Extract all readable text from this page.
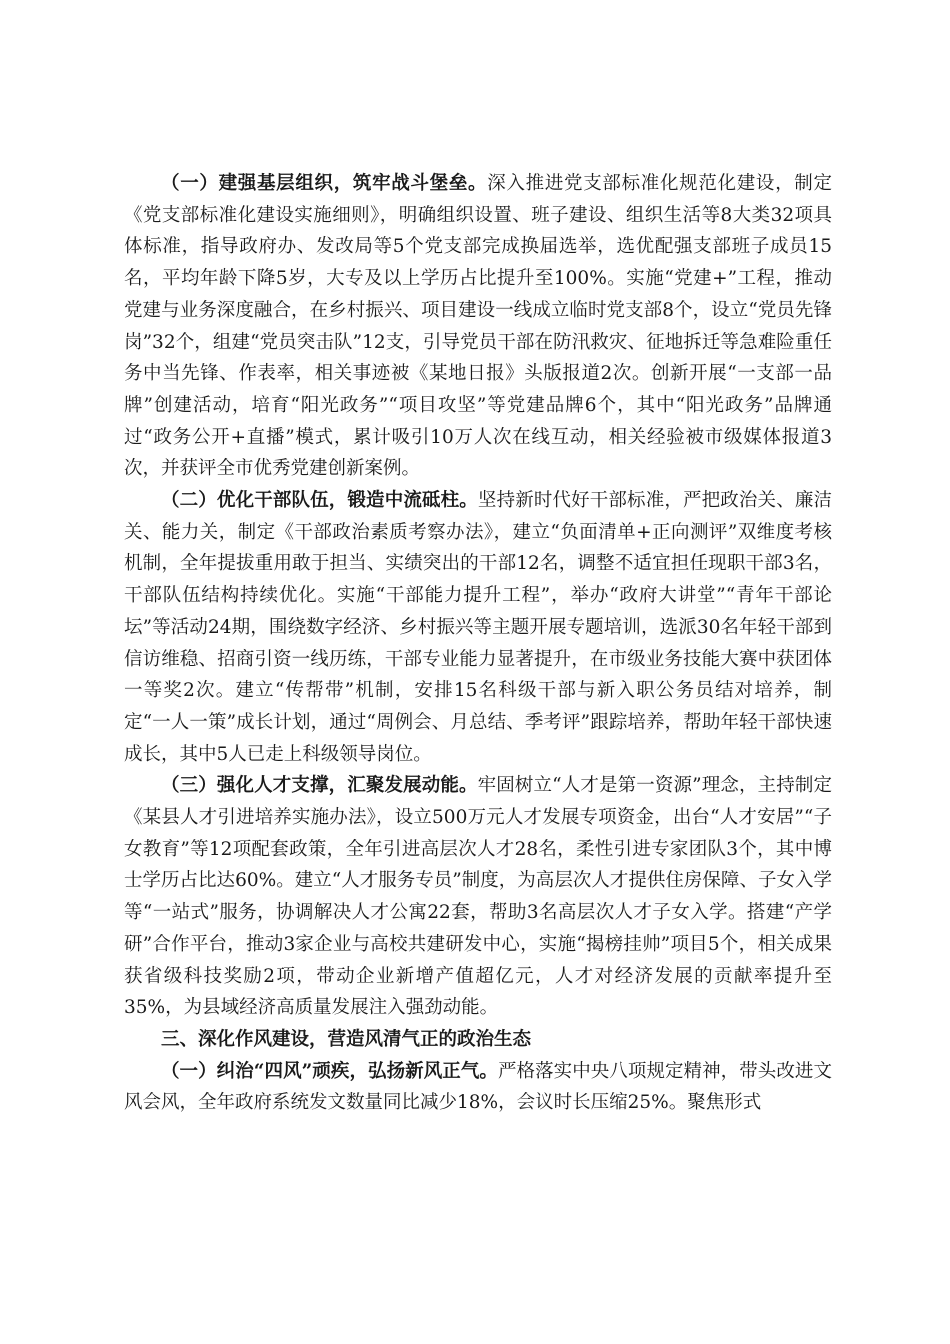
（一）建强基层组织，筑牢战斗堡垒。深入推进党支部标准化规范化建设，制定《党支部标准化建设实施细则》，明确组织设置、班子建设、组织生活等8大类32项具体标准，指导政府办、发改局等5个党支部完成换届选举，选优配强支部班子成员15名，平均年龄下降5岁，大专及以上学历占比提升至100%。实施“党建+”工程，推动党建与业务深度融合，在乡村振兴、项目建设一线成立临时党支部8个，设立“党员先锋岗”32个，组建“党员突击队”12支，引导党员干部在防汛救灾、征地拆迁等急难险重任务中当先锋、作表率，相关事迹被《某地日报》头版报道2次。创新开展“一支部一品牌”创建活动，培育“阳光政务”“项目攻坚”等党建品牌6个，其中“阳光政务”品牌通过“政务公开+直播”模式，累计吸引10万人次在线互动，相关经验被市级媒体报道3次，并获评全市优秀党建创新案例。

（二）优化干部队伍，锻造中流砥柱。坚持新时代好干部标准，严把政治关、廉洁关、能力关，制定《干部政治素质考察办法》，建立“负面清单+正向测评”双维度考核机制，全年提拔重用敢于担当、实绩突出的干部12名，调整不适宜担任现职干部3名，干部队伍结构持续优化。实施“干部能力提升工程”，举办“政府大讲堂”“青年干部论坛”等活动24期，围绕数字经济、乡村振兴等主题开展专题培训，选派30名年轻干部到信访维稳、招商引资一线历练，干部专业能力显著提升，在市级业务技能大赛中获团体一等奖2次。建立“传帮带”机制，安排15名科级干部与新入职公务员结对培养，制定“一人一策”成长计划，通过“周例会、月总结、季考评”跟踪培养，帮助年轻干部快速成长，其中5人已走上科级领导岗位。

（三）强化人才支撑，汇聚发展动能。牢固树立“人才是第一资源”理念，主持制定《某县人才引进培养实施办法》，设立500万元人才发展专项资金，出台“人才安居”“子女教育”等12项配套政策，全年引进高层次人才28名，柔性引进专家团队3个，其中博士学历占比达60%。建立“人才服务专员”制度，为高层次人才提供住房保障、子女入学等“一站式”服务，协调解决人才公寓22套，帮助3名高层次人才子女入学。搭建“产学研”合作平台，推动3家企业与高校共建研发中心，实施“揭榜挂帅”项目5个，相关成果获省级科技奖励2项，带动企业新增产值超亿元，人才对经济发展的贡献率提升至35%，为县域经济高质量发展注入强劲动能。

三、深化作风建设，营造风清气正的政治生态

（一）纠治“四风”顽疾，弘扬新风正气。严格落实中央八项规定精神，带头改进文风会风，全年政府系统发文数量同比减少18%，会议时长压缩25%。聚焦形式
